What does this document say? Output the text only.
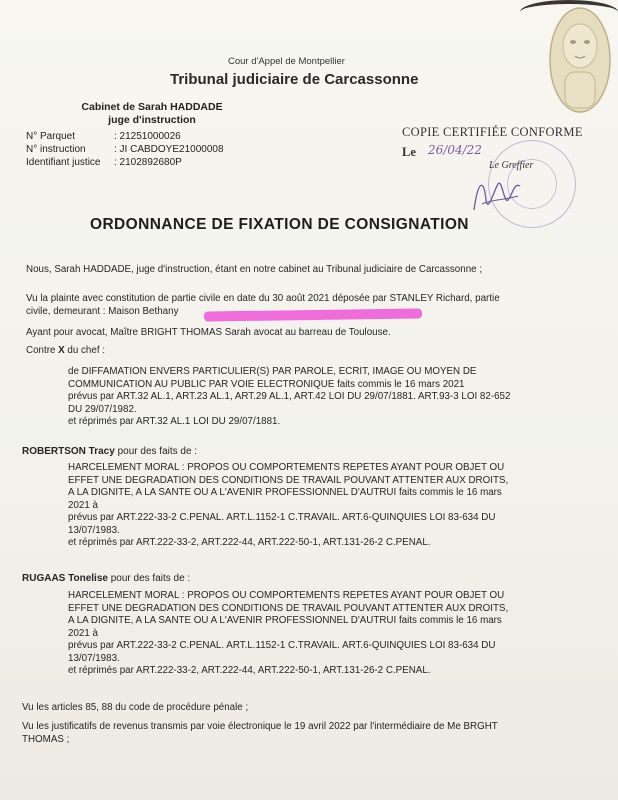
Cour d'Appel de Montpellier
Tribunal judiciaire de Carcassonne
Cabinet de Sarah HADDADE
juge d'instruction
N° Parquet	: 21251000026
N° instruction	: JI CABDOYE21000008
Identifiant justice	: 2102892680P
COPIE CERTIFIÉE CONFORME
Le 26/04/22
Le Greffier
ORDONNANCE DE FIXATION DE CONSIGNATION
Nous, Sarah HADDADE, juge d'instruction, étant en notre cabinet au Tribunal judiciaire de Carcassonne ;
Vu la plainte avec constitution de partie civile en date du 30 août 2021 déposée par STANLEY Richard, partie
civile, demeurant : Maison Bethany
Ayant pour avocat, Maître BRIGHT THOMAS Sarah avocat au barreau de Toulouse.
Contre X du chef :
de DIFFAMATION ENVERS PARTICULIER(S) PAR PAROLE, ECRIT, IMAGE OU MOYEN DE
COMMUNICATION AU PUBLIC PAR VOIE ELECTRONIQUE faits commis le 16 mars 2021
prévus par ART.32 AL.1, ART.23 AL.1, ART.29 AL.1, ART.42 LOI DU 29/07/1881. ART.93-3 LOI 82-652
DU 29/07/1982.
et réprimés par ART.32 AL.1 LOI DU 29/07/1881.
ROBERTSON Tracy pour des faits de :
HARCELEMENT MORAL : PROPOS OU COMPORTEMENTS REPETES AYANT POUR OBJET OU
EFFET UNE DEGRADATION DES CONDITIONS DE TRAVAIL POUVANT ATTENTER AUX DROITS,
A LA DIGNITE, A LA SANTE OU A L'AVENIR PROFESSIONNEL D'AUTRUI faits commis le 16 mars
2021 à
prévus par ART.222-33-2 C.PENAL. ART.L.1152-1 C.TRAVAIL. ART.6-QUINQUIES LOI 83-634 DU
13/07/1983.
et réprimés par ART.222-33-2, ART.222-44, ART.222-50-1, ART.131-26-2 C.PENAL.
RUGAAS Tonelise pour des faits de :
HARCELEMENT MORAL : PROPOS OU COMPORTEMENTS REPETES AYANT POUR OBJET OU
EFFET UNE DEGRADATION DES CONDITIONS DE TRAVAIL POUVANT ATTENTER AUX DROITS,
A LA DIGNITE, A LA SANTE OU A L'AVENIR PROFESSIONNEL D'AUTRUI faits commis le 16 mars
2021 à
prévus par ART.222-33-2 C.PENAL. ART.L.1152-1 C.TRAVAIL. ART.6-QUINQUIES LOI 83-634 DU
13/07/1983.
et réprimés par ART.222-33-2, ART.222-44, ART.222-50-1, ART.131-26-2 C.PENAL.
Vu les articles 85, 88 du code de procédure pénale ;
Vu les justificatifs de revenus transmis par voie électronique le 19 avril 2022 par l'intermédiaire de Me BRGHT
THOMAS ;
